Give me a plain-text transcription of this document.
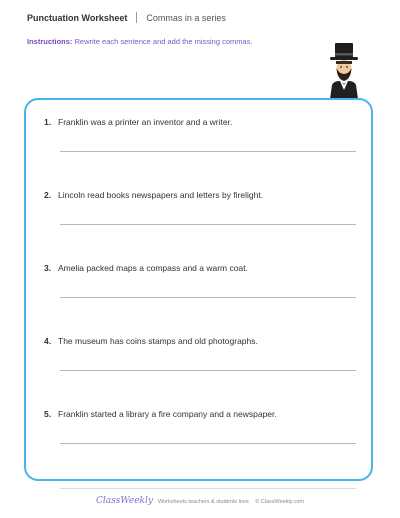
Punctuation Worksheet Commas in a series
Instructions: Rewrite each sentence and add the missing commas.
1. Franklin was a printer an inventor and a writer.
2. Lincoln read books newspapers and letters by firelight.
3. Amelia packed maps a compass and a warm coat.
4. The museum has coins stamps and old photographs.
5. Franklin started a library a fire company and a newspaper.
ClassWeekly Worksheets teachers & students love. © ClassWeekly.com
